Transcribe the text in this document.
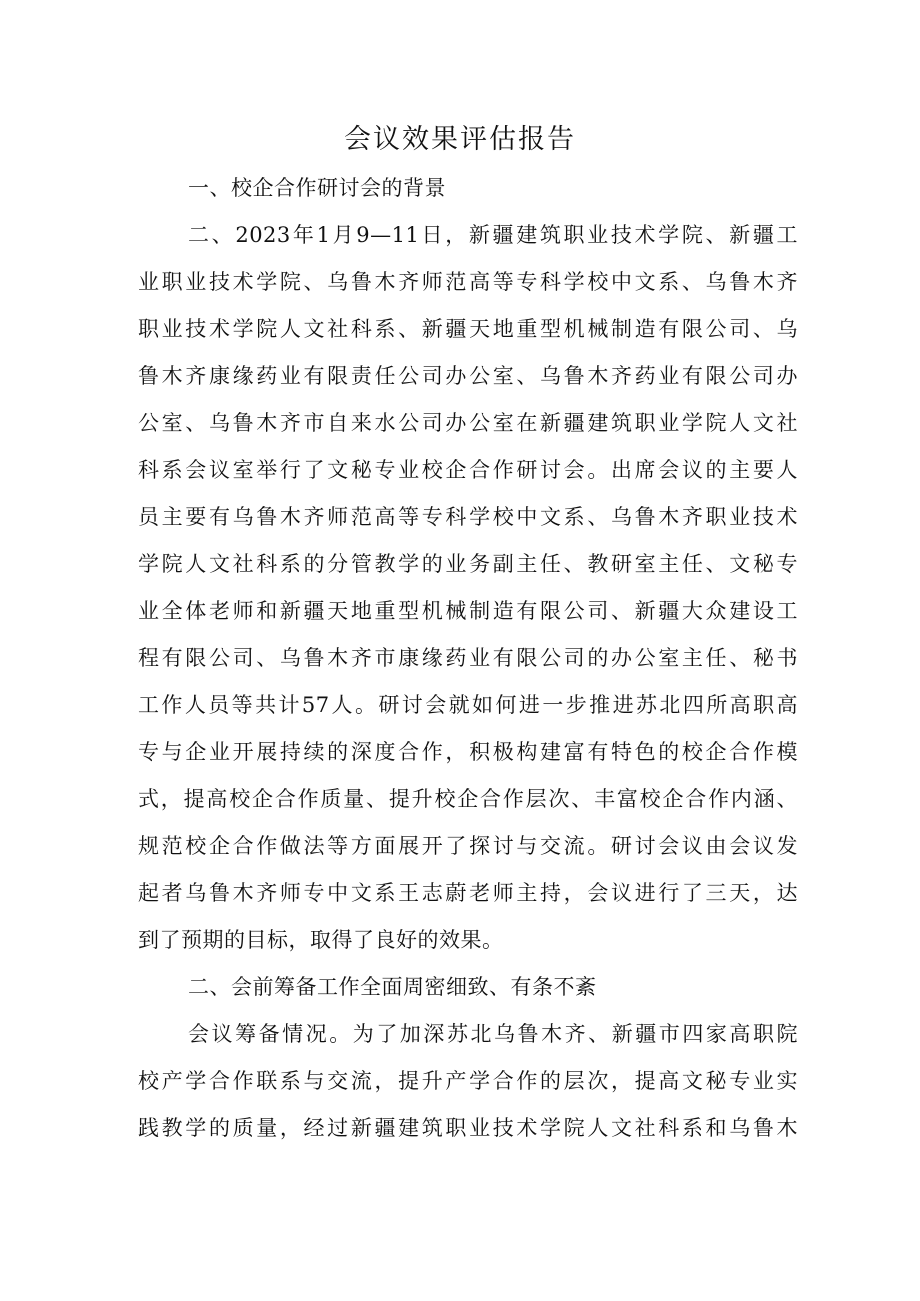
会议效果评估报告
一、校企合作研讨会的背景
二、2023年1月9—11日，新疆建筑职业技术学院、新疆工
业职业技术学院、乌鲁木齐师范高等专科学校中文系、乌鲁木齐
职业技术学院人文社科系、新疆天地重型机械制造有限公司、乌
鲁木齐康缘药业有限责任公司办公室、乌鲁木齐药业有限公司办
公室、乌鲁木齐市自来水公司办公室在新疆建筑职业学院人文社
科系会议室举行了文秘专业校企合作研讨会。出席会议的主要人
员主要有乌鲁木齐师范高等专科学校中文系、乌鲁木齐职业技术
学院人文社科系的分管教学的业务副主任、教研室主任、文秘专
业全体老师和新疆天地重型机械制造有限公司、新疆大众建设工
程有限公司、乌鲁木齐市康缘药业有限公司的办公室主任、秘书
工作人员等共计57人。研讨会就如何进一步推进苏北四所高职高
专与企业开展持续的深度合作，积极构建富有特色的校企合作模
式，提高校企合作质量、提升校企合作层次、丰富校企合作内涵、
规范校企合作做法等方面展开了探讨与交流。研讨会议由会议发
起者乌鲁木齐师专中文系王志蔚老师主持，会议进行了三天，达
到了预期的目标，取得了良好的效果。
二、会前筹备工作全面周密细致、有条不紊
会议筹备情况。为了加深苏北乌鲁木齐、新疆市四家高职院
校产学合作联系与交流，提升产学合作的层次，提高文秘专业实
践教学的质量，经过新疆建筑职业技术学院人文社科系和乌鲁木
